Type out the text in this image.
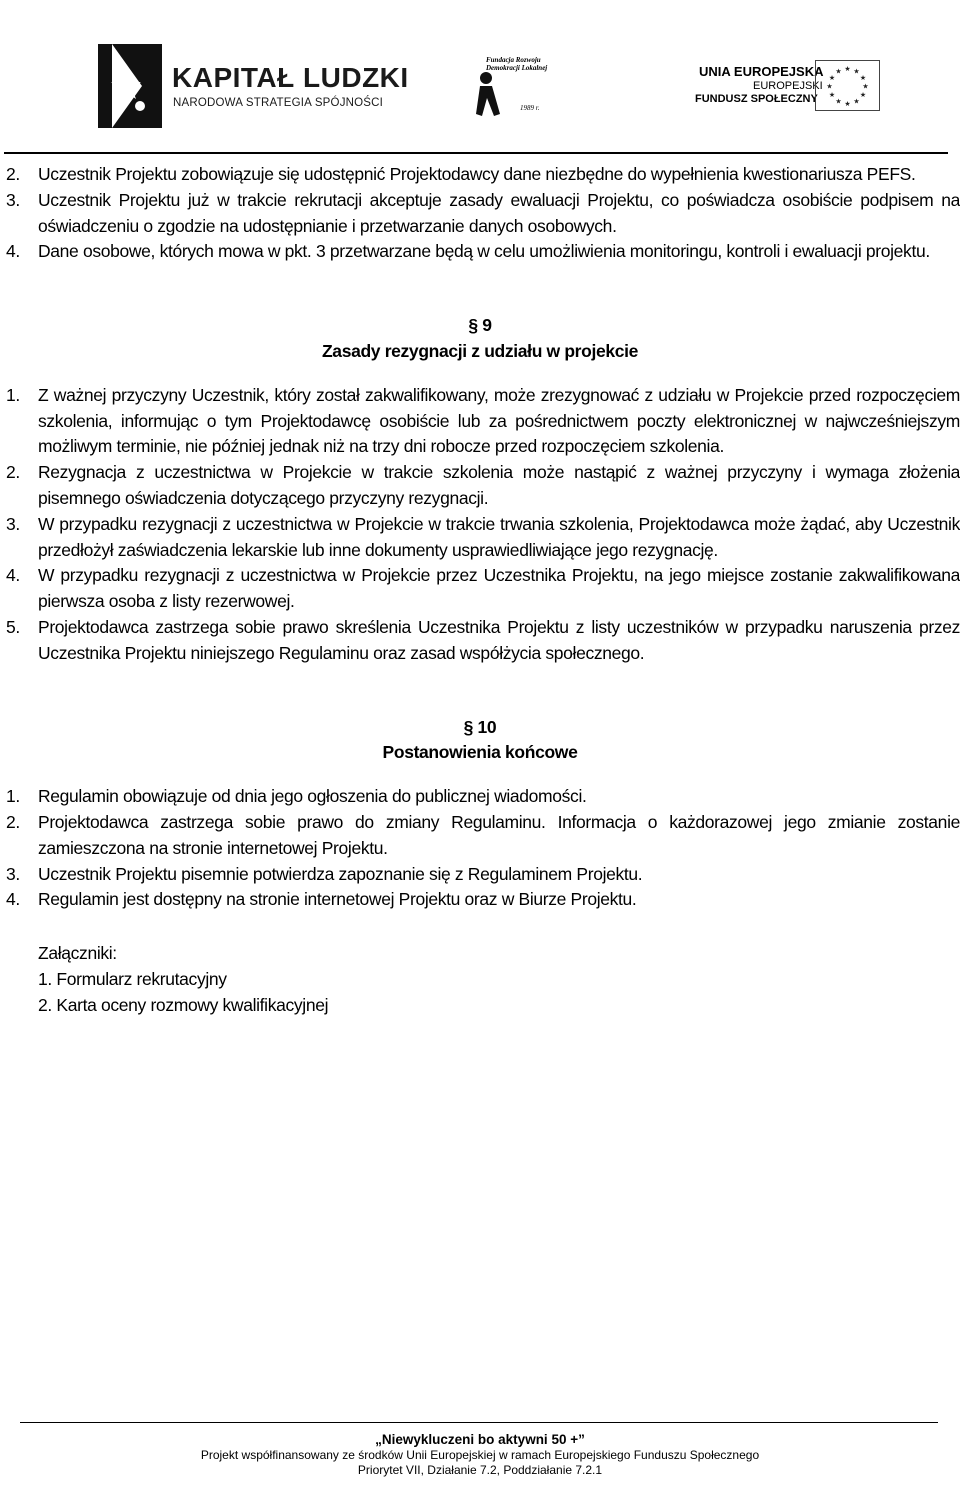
KAPITAŁ LUDZKI
NARODOWA STRATEGIA SPÓJNOŚCI
Fundacja Rozwoju
Demokracji Lokalnej
1989 r.
UNIA EUROPEJSKA
EUROPEJSKI
FUNDUSZ SPOŁECZNY
★ ★
★
★
★
★
★
★
★
★
★
★

2. Uczestnik Projektu zobowiązuje się udostępnić Projektodawcy dane niezbędne do wypełnienia kwestionariusza PEFS.

3. Uczestnik Projektu już w trakcie rekrutacji akceptuje zasady ewaluacji Projektu, co poświadcza osobiście podpisem na oświadczeniu o zgodzie na udostępnianie i przetwarzanie danych osobowych.

4. Dane osobowe, których mowa w pkt. 3 przetwarzane będą w celu umożliwienia monitoringu, kontroli i ewaluacji projektu.

§ 9

Zasady rezygnacji z udziału w projekcie

1. Z ważnej przyczyny Uczestnik, który został zakwalifikowany, może zrezygnować z udziału w Projekcie przed rozpoczęciem szkolenia, informując o tym Projektodawcę osobiście lub za pośrednictwem poczty elektronicznej w najwcześniejszym możliwym terminie, nie później jednak niż na trzy dni robocze przed rozpoczęciem szkolenia.

2. Rezygnacja z uczestnictwa w Projekcie w trakcie szkolenia może nastąpić z ważnej przyczyny i wymaga złożenia pisemnego oświadczenia dotyczącego przyczyny rezygnacji.

3. W przypadku rezygnacji z uczestnictwa w Projekcie w trakcie trwania szkolenia, Projektodawca może żądać, aby Uczestnik przedłożył zaświadczenia lekarskie lub inne dokumenty usprawiedliwiające jego rezygnację.

4. W przypadku rezygnacji z uczestnictwa w Projekcie przez Uczestnika Projektu, na jego miejsce zostanie zakwalifikowana pierwsza osoba z listy rezerwowej.

5. Projektodawca zastrzega sobie prawo skreślenia Uczestnika Projektu z listy uczestników w przypadku naruszenia przez Uczestnika Projektu niniejszego Regulaminu oraz zasad współżycia społecznego.

§ 10

Postanowienia końcowe

1. Regulamin obowiązuje od dnia jego ogłoszenia do publicznej wiadomości.

2. Projektodawca zastrzega sobie prawo do zmiany Regulaminu. Informacja o każdorazowej jego zmianie zostanie zamieszczona na stronie internetowej Projektu.

3. Uczestnik Projektu pisemnie potwierdza zapoznanie się z Regulaminem Projektu.

4. Regulamin jest dostępny na stronie internetowej Projektu oraz w Biurze Projektu.

Załączniki:
1. Formularz rekrutacyjny
2. Karta oceny rozmowy kwalifikacyjnej
„Niewykluczeni bo aktywni 50 +”
Projekt współfinansowany ze środków Unii Europejskiej w ramach Europejskiego Funduszu Społecznego
Priorytet VII, Działanie 7.2, Poddziałanie 7.2.1
